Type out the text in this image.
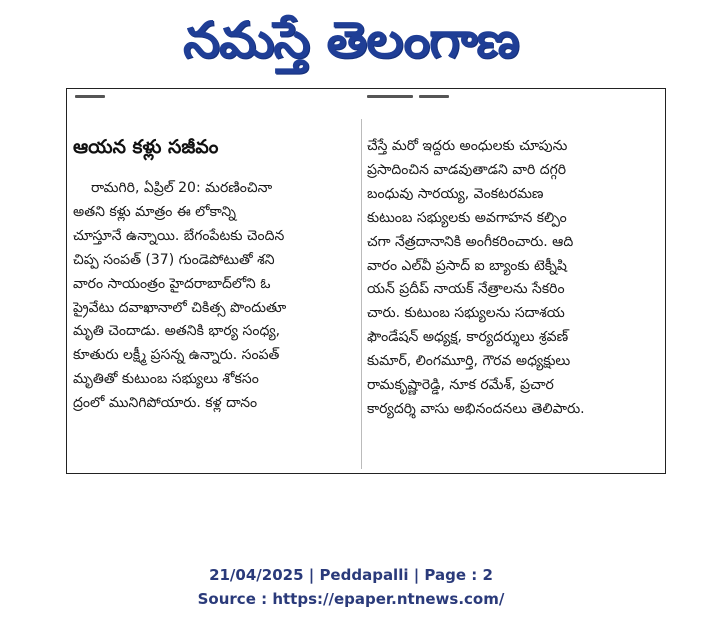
నమస్తే తెలంగాణ
ఆయన కళ్లు సజీవం
రామగిరి, ఏప్రిల్ 20: మరణించినా
అతని కళ్లు మాత్రం ఈ లోకాన్ని
చూస్తూనే ఉన్నాయి. బేగంపేటకు చెందిన
చిప్ప సంపత్ (37) గుండెపోటుతో శని
వారం సాయంత్రం హైదరాబాద్‌లోని ఓ
ప్రైవేటు దవాఖానాలో చికిత్స పొందుతూ
మృతి చెందాడు. అతనికి భార్య సంధ్య,
కూతురు లక్ష్మీ ప్రసన్న ఉన్నారు. సంపత్
మృతితో కుటుంబ సభ్యులు శోకసం
ద్రంలో మునిగిపోయారు. కళ్ల దానం
చేస్తే మరో ఇద్దరు అంధులకు చూపును
ప్రసాదించిన వాడవుతాడని వారి దగ్గరి
బంధువు సారయ్య, వెంకటరమణ
కుటుంబ సభ్యులకు అవగాహన కల్పిం
చగా నేత్రదానానికి అంగీకరించారు. ఆది
వారం ఎల్‌వీ ప్రసాద్ ఐ బ్యాంకు టెక్నీషి
యన్ ప్రదీప్ నాయక్ నేత్రాలను సేకరిం
చారు. కుటుంబ సభ్యులను సదాశయ
ఫౌండేషన్ అధ్యక్ష, కార్యదర్శులు శ్రవణ్
కుమార్, లింగమూర్తి, గౌరవ అధ్యక్షులు
రామకృష్ణారెడ్డి, నూక రమేశ్, ప్రచార
కార్యదర్శి వాసు అభినందనలు తెలిపారు.
21/04/2025 | Peddapalli | Page : 2
Source : https://epaper.ntnews.com/
